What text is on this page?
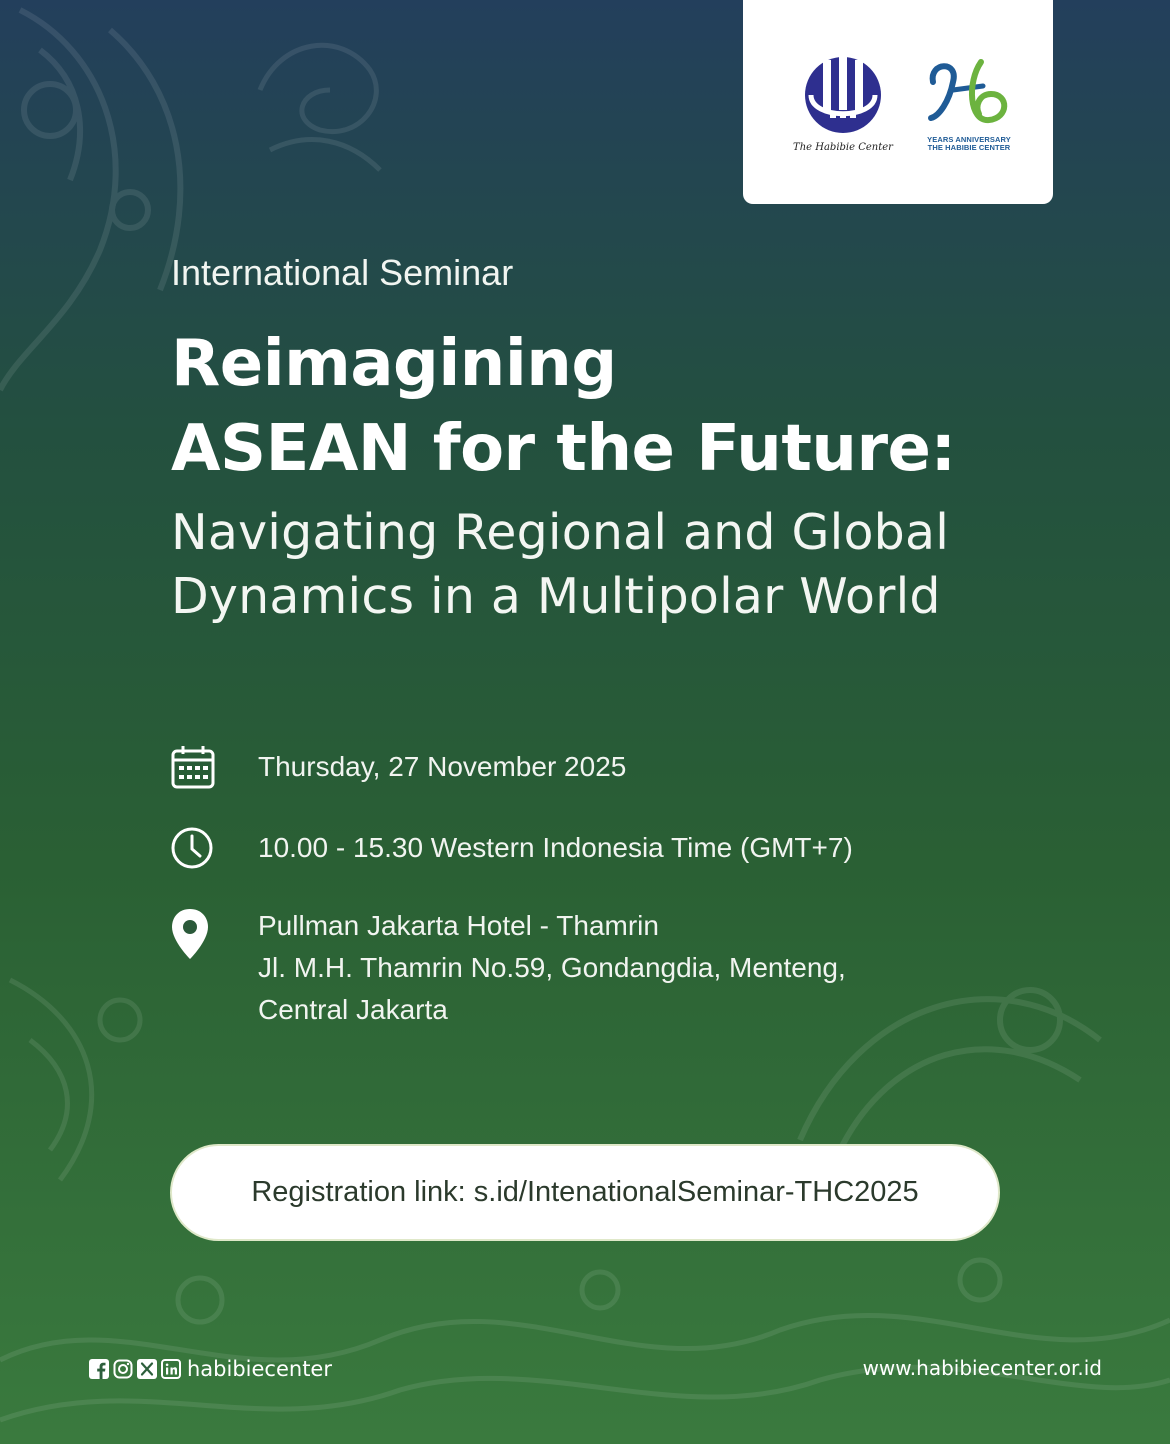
The Habibie Center
YEARS ANNIVERSARY
THE HABIBIE CENTER
International Seminar
Reimagining
ASEAN for the Future:
Navigating Regional and Global
Dynamics in a Multipolar World
Thursday, 27 November 2025
10.00 - 15.30 Western Indonesia Time (GMT+7)
Pullman Jakarta Hotel - Thamrin
Jl. M.H. Thamrin No.59, Gondangdia, Menteng,
Central Jakarta
Registration link: s.id/IntenationalSeminar-THC2025
habibiecenter	www.habibiecenter.or.id
